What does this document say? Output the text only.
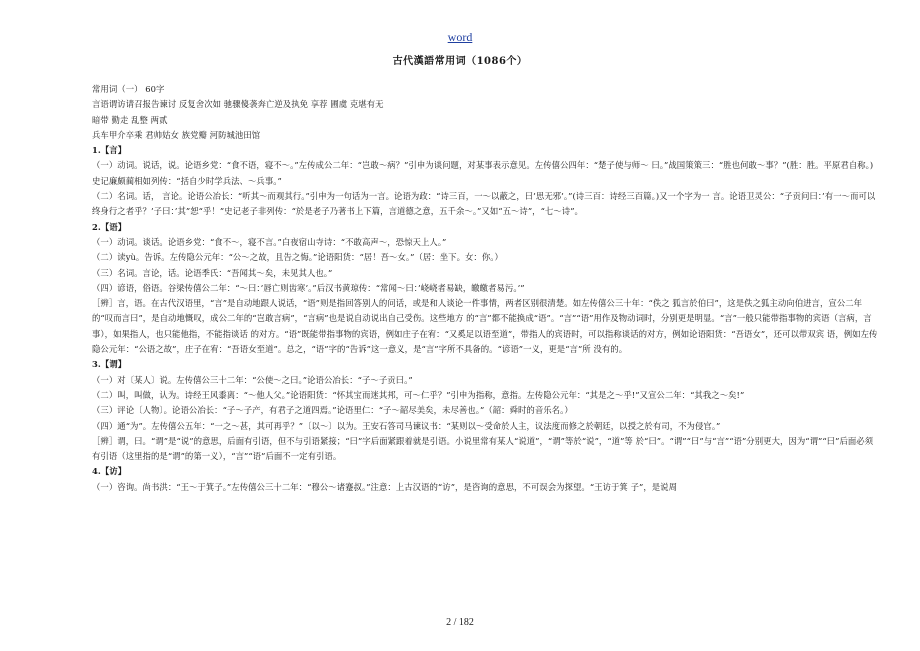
word
古代漢語常用词（1086个）

常用词（一） 60字

言语谓访请召报告谏讨 反复舍次如 驰骤傻袭奔亡逆及执免 享荐 圃虞 克堪有无

暗带 勤走 乱整 两贰

兵车甲介卒乘 君帅姑女 族党瓣 河防城池田馆

1.【言】

（一）动词。说话，说。论语乡党：“食不语，寝不～。”左传成公二年：“岂敢～病？”引申为谈问题，对某事表示意见。左传僖公四年：“楚子使与师～ 曰。”战国策策三：“胜也何敢～事？”(胜：胜。平原君自称。)史记廉颇蔺相如列传：“括自少时学兵法、～兵事。”

（二）名词。话， 言论。论语公冶长：“听其～而观其行。”引申为一句话为一言。论语为政：“诗三百，一～以蔽之，曰’思无邪’。”(诗三百：诗经三百篇。)又一个字为一 言。论语卫灵公：“子贡问曰：’有一～而可以终身行之者乎？’子曰：’其”恕“乎！”史记老子非列传：“於是老子乃著书上下篇，言道德之意，五千余～。”又如“五～诗”，“七～诗”。

2.【语】

（一）动词。谈话。论语乡党：“食不～，寝不言。”白夜宿山寺诗：“不敢高声～，恐惊天上人。”

（二）读yù。告诉。左传隐公元年：“公～之故，且告之悔。”论语阳货：“居！吾～女。”（居：坐下。女：你。）

（三）名词。言论，话。论语季氏：“吾闻其～矣，未见其人也。”

（四）谚语，俗语。谷梁传僖公二年：“～曰：’唇亡则齿寒’。”后汉书黄琼传：“常闻～曰：’峣峣者易缺，皦皦者易污。’”

［辨］言，语。在古代汉语里，“言”是自动地跟人说话，“语”则是指回答别人的问话，或是和人谈论一件事情，两者区别很清楚。如左传僖公三十年：“佚之 狐言於伯曰”，这是佚之狐主动向伯进言，宣公二年的“叹而言曰”，是自动地慨叹，成公二年的“岂敢言病”，“言病”也是说自动说出自己受伤。这些地方 的“言”都不能换成“语”。“言”“语”用作及物动词时，分别更是明显。“言”一般只能带指事物的宾语（言病，言事），如果指人，也只能他指，不能指谈话 的对方。“语”既能带指事物的宾语，例如庄子在宥：“又奚足以语至道”，带指人的宾语时，可以指称谈话的对方，例如论语阳货：“吾语女”，还可以带双宾 语，例如左传隐公元年：“公语之故”，庄子在宥：“吾语女至道”。总之，“语”字的“告诉”这一意义，是“言”字所不具备的。“谚语”一义，更是“言”所 没有的。

3.【谓】

（一）对〔某人〕说。左传僖公三十二年：“公使～之曰。”论语公冶长：“子～子贡曰。”

（二）叫，叫做，认为。诗经王风黍离：“～他人父。”论语阳货：“怀其宝而迷其邦，可～仁乎？”引申为指称，意指。左传隐公元年：“其是之～乎!”又宣公二年：“其我之～矣!”

（三）评论〔人物〕。论语公冶长：“子～子产，有君子之道四焉。”论语里仁：“子～韶尽美矣，未尽善也。”（韶：舜时的音乐名。）

（四）通“为”。左传僖公五年：“一之～甚，其可再乎？”〔以～〕以为。王安石答司马谏议书：“某则以～受命於人主，议法度而修之於朝廷，以授之於有司，不为侵官。”

［辨］谓，曰。“谓”是“说”的意思，后面有引语，但不与引语紧接；“曰”字后面紧跟着就是引语。小说里常有某人“说道”，“谓”等於“说”，“道”等 於“曰”。“谓”“曰”与“言”“语”分别更大，因为“谓”“曰”后面必须有引语（这里指的是“谓”的第一义），“言”“语”后面不一定有引语。

4.【访】

（一）咨询。尚书洪：“王～于箕子。”左传僖公三十二年：“穆公～诸蹇叔。”注意：上古汉语的“访”，是咨询的意思，不可误会为探望。“王访于箕 子”，是说周

2 / 182
